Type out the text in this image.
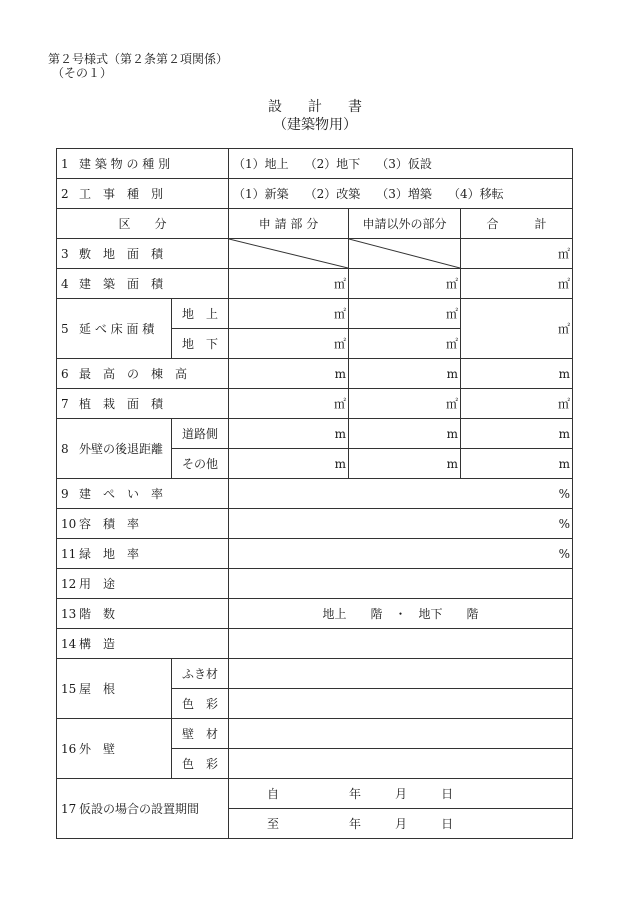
第２号様式（第２条第２項関係）
（その１）
設計書
（建築物用）
1 建 築 物 の 種 別		（1）地上 （2）地下 （3）仮設		
2 工　事　種　別		（1）新築 （2）改築 （3）増築 （4）移転		
区　　分		申 請 部 分	申請以外の部分	合　　　計
3 敷　地　面　積				㎡
4 建　築　面　積		㎡	㎡	㎡
5 延 べ 床 面 積	地　上	㎡	㎡	㎡
	地　下	㎡	㎡	
6 最　高　の　棟　高		m	m	m
7 植　栽　面　積		㎡	㎡	㎡
8 外壁の後退距離	道路側	m	m	m
	その他	m	m	m
9 建　ぺ　い　率		%		
10 容　積　率		%		
11 緑　地　率		%		
12 用　途				
13 階　数		地上　　階　・　地下　　階		
14 構　造				
15 屋　根	ふき材			
	色　彩			
16 外　壁	壁　材			
	色　彩			
17 仮設の場合の設置期間		自 年 月 日		
		至 年 月 日		
